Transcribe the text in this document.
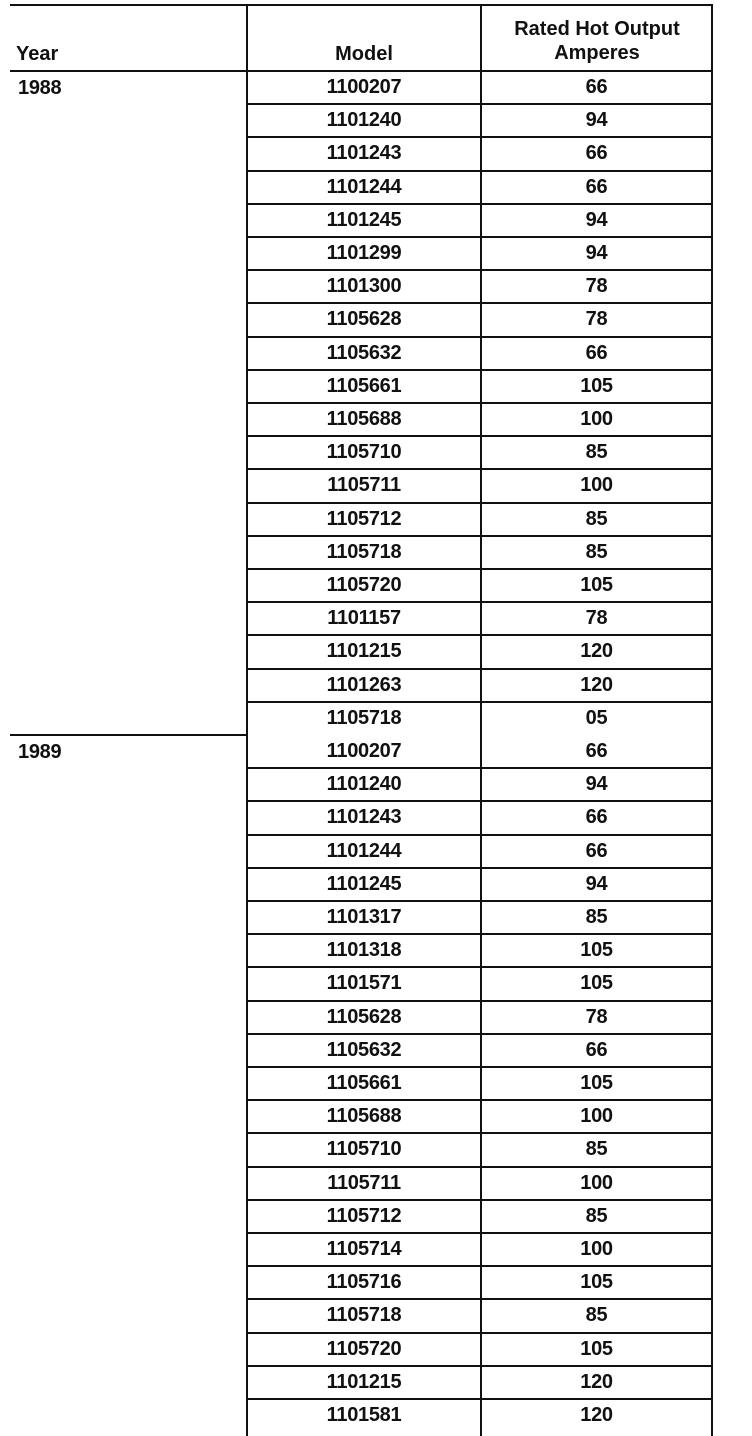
Year	Model
Rated Hot Output
Amperes
1988	1100207	66
1101240	94
1101243	66
1101244	66
1101245	94
1101299	94
1101300	78
1105628	78
1105632	66
1105661	105
1105688	100
1105710	85
1105711	100
1105712	85
1105718	85
1105720	105
1101157	78
1101215	120
1101263	120
1105718	05
1989	1100207	66
1101240	94
1101243	66
1101244	66
1101245	94
1101317	85
1101318	105
1101571	105
1105628	78
1105632	66
1105661	105
1105688	100
1105710	85
1105711	100
1105712	85
1105714	100
1105716	105
1105718	85
1105720	105
1101215	120
1101581	120
